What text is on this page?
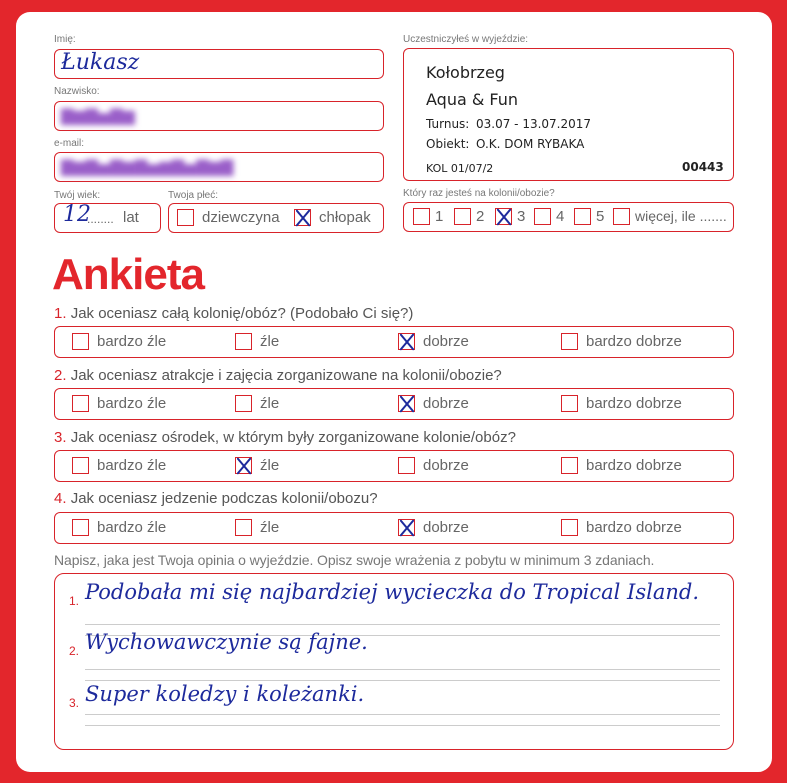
Imię:
Łukasz
Nazwisko:
▇▆▇▅▇▆
e-mail:
▇▆▇▅▇▆▇▅▆▇▅▇▆▇
Twój wiek:
12
........ lat
Twoja płeć:
dziewczyna	chłopak
Uczestniczyłeś w wyjeździe:
Kołobrzeg
Aqua & Fun
Turnus: 03.07 - 13.07.2017
Obiekt: O.K. DOM RYBAKA
KOL 01/07/2	00443
Który raz jesteś na kolonii/obozie?
1 2 3 4 5 więcej, ile .......
Ankieta
1. Jak oceniasz całą kolonię/obóz? (Podobało Ci się?)
bardzo źle	źle	dobrze	bardzo dobrze
2. Jak oceniasz atrakcje i zajęcia zorganizowane na kolonii/obozie?
bardzo źle	źle	dobrze	bardzo dobrze
3. Jak oceniasz ośrodek, w którym były zorganizowane kolonie/obóz?
bardzo źle	źle	dobrze	bardzo dobrze
4. Jak oceniasz jedzenie podczas kolonii/obozu?
bardzo źle	źle	dobrze	bardzo dobrze
Napisz, jaka jest Twoja opinia o wyjeździe. Opisz swoje wrażenia z pobytu w minimum 3 zdaniach.
1. Podobała mi się najbardziej wycieczka do Tropical Island.
2. Wychowawczynie są fajne.
3. Super koledzy i koleżanki.
